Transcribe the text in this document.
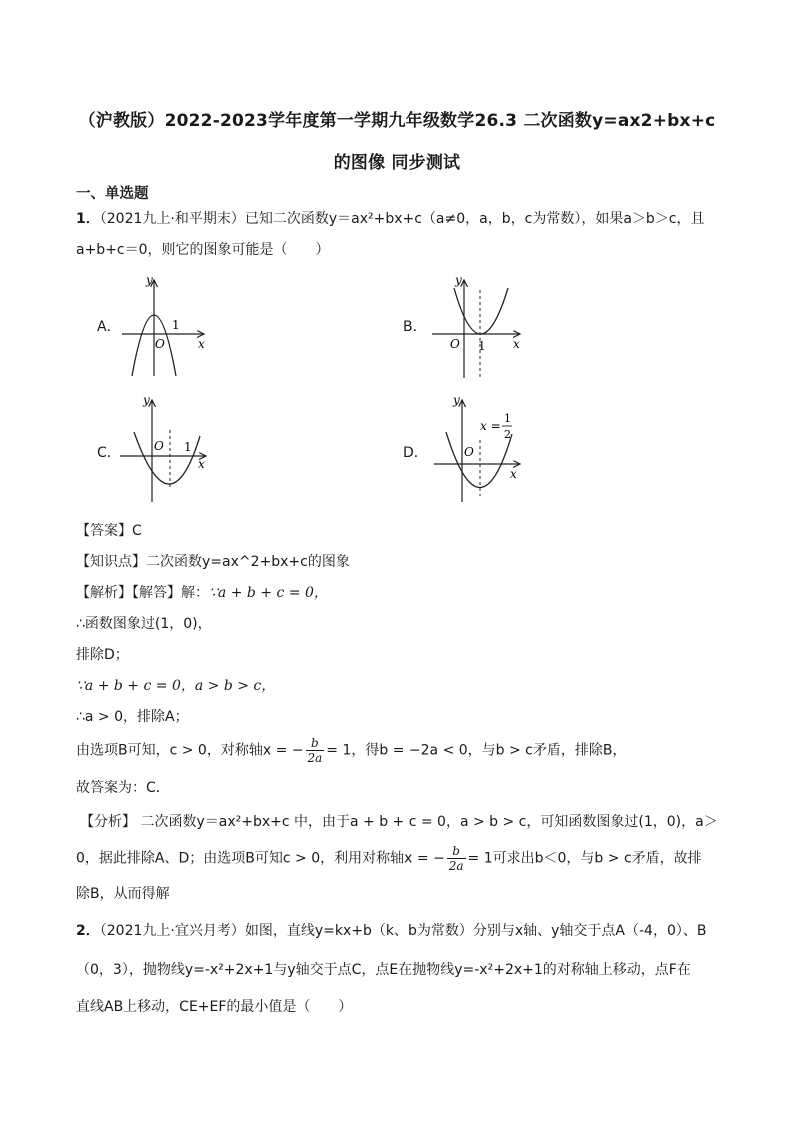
（沪教版）2022-2023学年度第一学期九年级数学26.3 二次函数y=ax2+bx+c
的图像 同步测试
一、单选题
1．（2021九上·和平期末）已知二次函数y＝ax²+bx+c（a≠0，a，b，c为常数），如果a＞b＞c，且
a+b+c＝0，则它的图象可能是（　　）
A．
y
x
O
1	B．
y
x
O 1
C．
y
x
O 1	D．
y
x
O
x =
1
2
【答案】C
【知识点】二次函数y=ax^2+bx+c的图象
【解析】【解答】解：∵a + b + c = 0，
∴函数图象过(1，0)，
排除D；
∵a + b + c = 0，a > b > c，
∴a > 0，排除A；
由选项B可知，c > 0，对称轴x = − $\frac{b}{2a} = 1$，得b = −2a < 0，与b > c矛盾，排除B，
故答案为：C．
【分析】 二次函数y＝ax²+bx+c 中，由于a + b + c = 0，a > b > c，可知函数图象过(1，0)，a＞
0，据此排除A、D；由选项B可知c > 0，利用对称轴x = − $\frac{b}{2a} = 1$可求出b＜0，与b > c矛盾，故排
除B，从而得解
2．（2021九上·宜兴月考）如图，直线y=kx+b（k、b为常数）分别与x轴、y轴交于点A（-4，0）、B
（0，3），抛物线y=-x²+2x+1与y轴交于点C，点E在抛物线y=-x²+2x+1的对称轴上移动，点F在
直线AB上移动，CE+EF的最小值是（　　）
